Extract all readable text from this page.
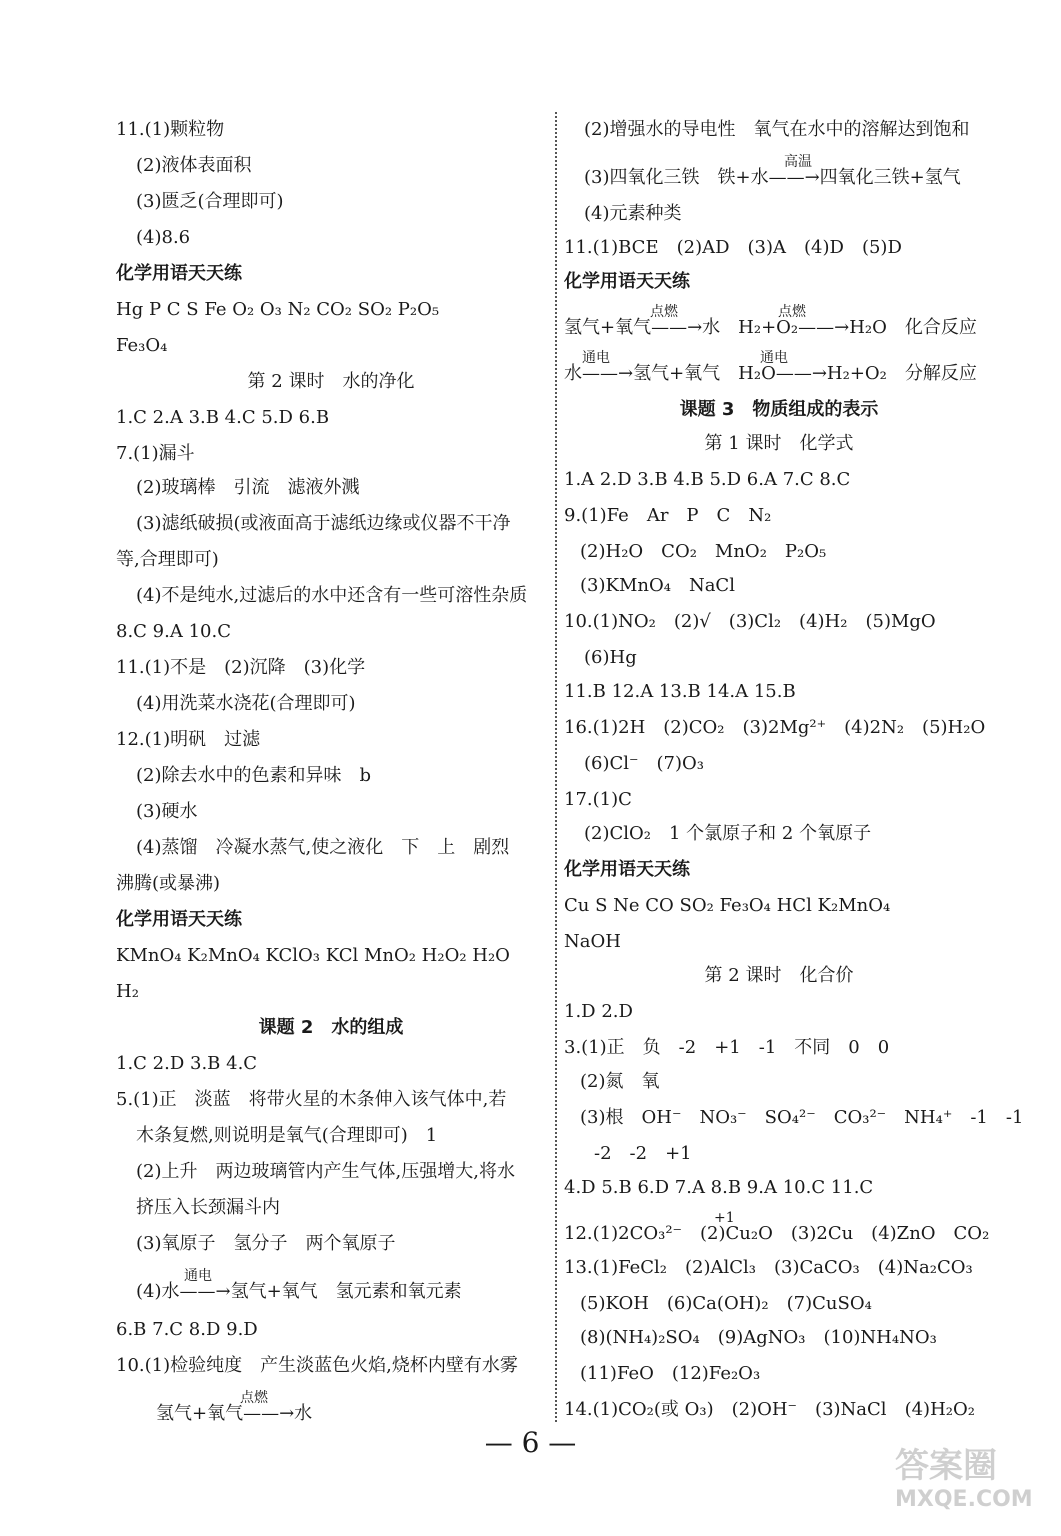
11.(1)颗粒物
(2)液体表面积
(3)匮乏(合理即可)
(4)8.6
化学用语天天练
Hg P C S Fe O₂ O₃ N₂ CO₂ SO₂ P₂O₅
Fe₃O₄
第 2 课时　水的净化
1.C 2.A 3.B 4.C 5.D 6.B
7.(1)漏斗
(2)玻璃棒　引流　滤液外溅
(3)滤纸破损(或液面高于滤纸边缘或仪器不干净
等,合理即可)
(4)不是纯水,过滤后的水中还含有一些可溶性杂质
8.C 9.A 10.C
11.(1)不是　(2)沉降　(3)化学
(4)用洗菜水浇花(合理即可)
12.(1)明矾　过滤
(2)除去水中的色素和异味　b
(3)硬水
(4)蒸馏　冷凝水蒸气,使之液化　下　上　剧烈
沸腾(或暴沸)
化学用语天天练
KMnO₄ K₂MnO₄ KClO₃ KCl MnO₂ H₂O₂ H₂O
H₂
课题 2　水的组成
1.C 2.D 3.B 4.C
5.(1)正　淡蓝　将带火星的木条伸入该气体中,若
木条复燃,则说明是氧气(合理即可)　1
(2)上升　两边玻璃管内产生气体,压强增大,将水
挤压入长颈漏斗内
(3)氧原子　氢分子　两个氧原子
(4)水——→氢气+氧气　氢元素和氧元素
6.B 7.C 8.D 9.D
10.(1)检验纯度　产生淡蓝色火焰,烧杯内壁有水雾
氢气+氧气——→水
通电
点燃
(2)增强水的导电性　氧气在水中的溶解达到饱和
(3)四氧化三铁　铁+水——→四氧化三铁+氢气
(4)元素种类
11.(1)BCE　(2)AD　(3)A　(4)D　(5)D
化学用语天天练
氢气+氧气——→水　H₂+O₂——→H₂O　化合反应
水——→氢气+氧气　H₂O——→H₂+O₂　分解反应
课题 3　物质组成的表示
第 1 课时　化学式
1.A 2.D 3.B 4.B 5.D 6.A 7.C 8.C
9.(1)Fe　Ar　P　C　N₂
(2)H₂O　CO₂　MnO₂　P₂O₅
(3)KMnO₄　NaCl
10.(1)NO₂　(2)√　(3)Cl₂　(4)H₂　(5)MgO
(6)Hg
11.B 12.A 13.B 14.A 15.B
16.(1)2H　(2)CO₂　(3)2Mg²⁺　(4)2N₂　(5)H₂O
(6)Cl⁻　(7)O₃
17.(1)C
(2)ClO₂　1 个氯原子和 2 个氧原子
化学用语天天练
Cu S Ne CO SO₂ Fe₃O₄ HCl K₂MnO₄
NaOH
第 2 课时　化合价
1.D 2.D
3.(1)正　负　-2　+1　-1　不同　0　0
(2)氮　氧
(3)根　OH⁻　NO₃⁻　SO₄²⁻　CO₃²⁻　NH₄⁺　-1　-1
-2　-2　+1
4.D 5.B 6.D 7.A 8.B 9.A 10.C 11.C
12.(1)2CO₃²⁻　(2)Cu₂O　(3)2Cu　(4)ZnO　CO₂
13.(1)FeCl₂　(2)AlCl₃　(3)CaCO₃　(4)Na₂CO₃
(5)KOH　(6)Ca(OH)₂　(7)CuSO₄
(8)(NH₄)₂SO₄　(9)AgNO₃　(10)NH₄NO₃
(11)FeO　(12)Fe₂O₃
14.(1)CO₂(或 O₃)　(2)OH⁻　(3)NaCl　(4)H₂O₂
高温
点燃	点燃
通电	通电
+1
— 6 —
答案圈
MXQE.COM
